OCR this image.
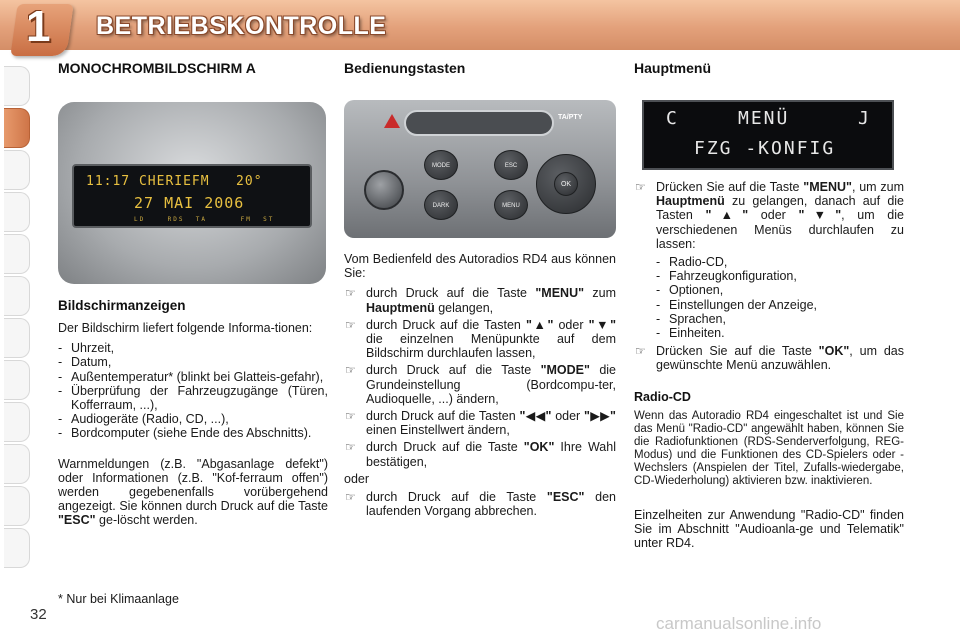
1 BETRIEBSKONTROLLE
MONOCHROMBILDSCHIRM A
11:17 CHERIEFM   20°
27 MAI 2006
LD    RDS  TA      FM  ST
Bildschirmanzeigen

Der Bildschirm liefert folgende Informa-tionen:

- Uhrzeit,
- Datum,
- Außentemperatur* (blinkt bei Glatteis-gefahr),
- Überprüfung der Fahrzeugzugänge (Türen, Kofferraum, ...),
- Audiogeräte (Radio, CD, ...),
- Bordcomputer (siehe Ende des Abschnitts).

Warnmeldungen (z.B. "Abgasanlage defekt") oder Informationen (z.B. "Kof-ferraum offen") werden gegebenenfalls vorübergehend angezeigt. Sie können durch Druck auf die Taste "ESC" ge-löscht werden.

* Nur bei Klimaanlage
Bedienungstasten
TA/PTY
MODE
DARK
ESC
MENU
OK

Vom Bedienfeld des Autoradios RD4 aus können Sie:

☞ durch Druck auf die Taste "MENU" zum Hauptmenü gelangen,
☞ durch Druck auf die Tasten "▲" oder "▼" die einzelnen Menüpunkte auf dem Bildschirm durchlaufen lassen,
☞ durch Druck auf die Taste "MODE" die Grundeinstellung (Bordcompu-ter, Audioquelle, ...) ändern,
☞ durch Druck auf die Tasten "◀◀" oder "▶▶" einen Einstellwert ändern,
☞ durch Druck auf die Taste "OK" Ihre Wahl bestätigen,

oder

☞ durch Druck auf die Taste "ESC" den laufenden Vorgang abbrechen.
Hauptmenü
C	MENÜ	J
FZG -KONFIG
☞ Drücken Sie auf die Taste "MENU", um zum Hauptmenü zu gelangen, danach auf die Tasten "▲" oder "▼", um die verschiedenen Menüs durchlaufen zu lassen:
- Radio-CD,
- Fahrzeugkonfiguration,
- Optionen,
- Einstellungen der Anzeige,
- Sprachen,
- Einheiten.
☞ Drücken Sie auf die Taste "OK", um das gewünschte Menü anzuwählen.
Radio-CD

Wenn das Autoradio RD4 eingeschaltet ist und Sie das Menü "Radio-CD" angewählt haben, können Sie die Radiofunktionen (RDS-Senderverfolgung, REG-Modus) und die Funktionen des CD-Spielers oder -Wechslers (Anspielen der Titel, Zufalls-wiedergabe, CD-Wiederholung) aktivieren bzw. inaktivieren.

Einzelheiten zur Anwendung "Radio-CD" finden Sie im Abschnitt "Audioanla-ge und Telematik" unter RD4.

32	carmanualsonline.info
